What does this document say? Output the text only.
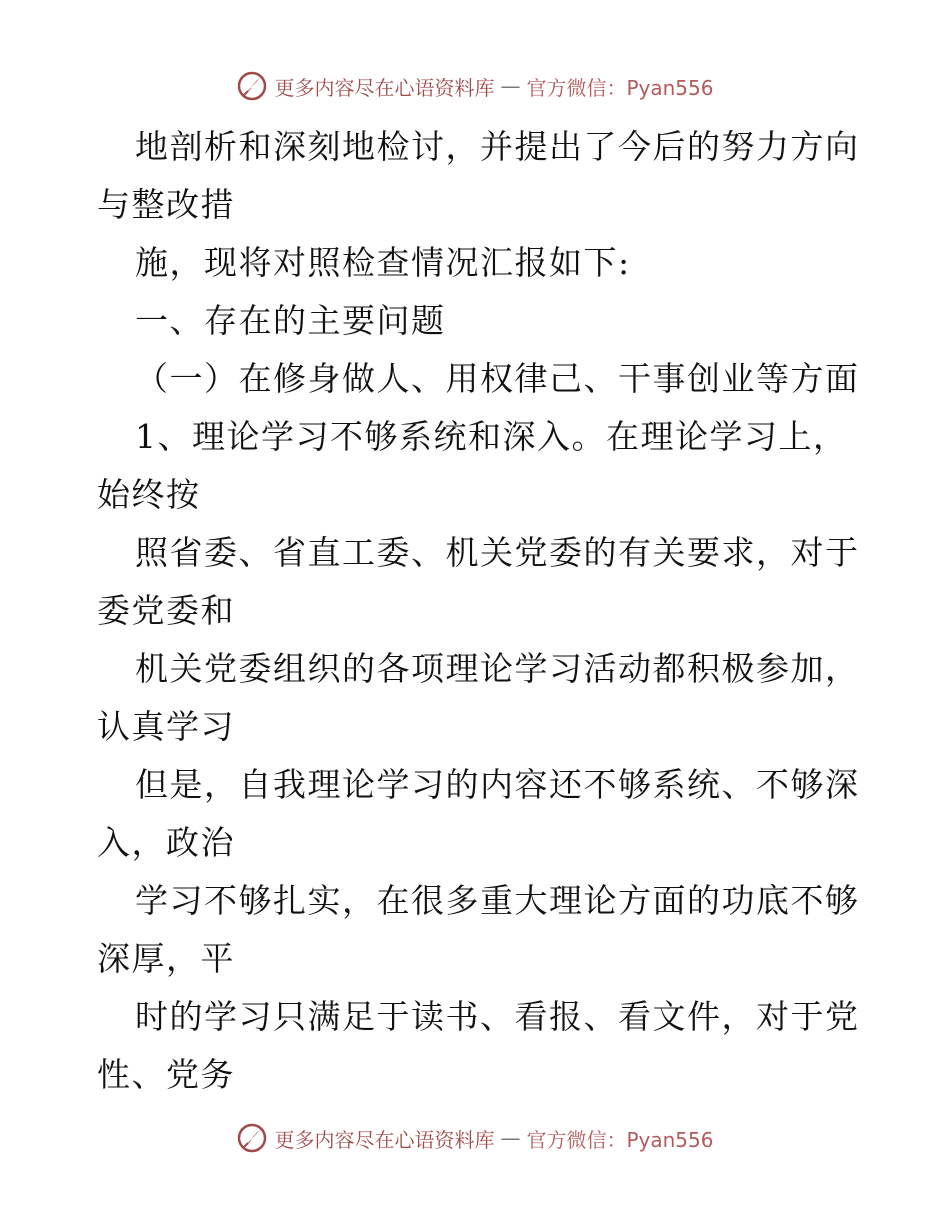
更多内容尽在心语资料库 — 官方微信：Pyan556
地剖析和深刻地检讨，并提出了今后的努力方向
与整改措
施，现将对照检查情况汇报如下:
一、存在的主要问题
（一）在修身做人、用权律己、干事创业等方面
1、理论学习不够系统和深入。在理论学习上，
始终按
照省委、省直工委、机关党委的有关要求，对于
委党委和
机关党委组织的各项理论学习活动都积极参加，
认真学习
但是，自我理论学习的内容还不够系统、不够深
入，政治
学习不够扎实，在很多重大理论方面的功底不够
深厚，平
时的学习只满足于读书、看报、看文件，对于党
性、党务
更多内容尽在心语资料库 — 官方微信：Pyan556
